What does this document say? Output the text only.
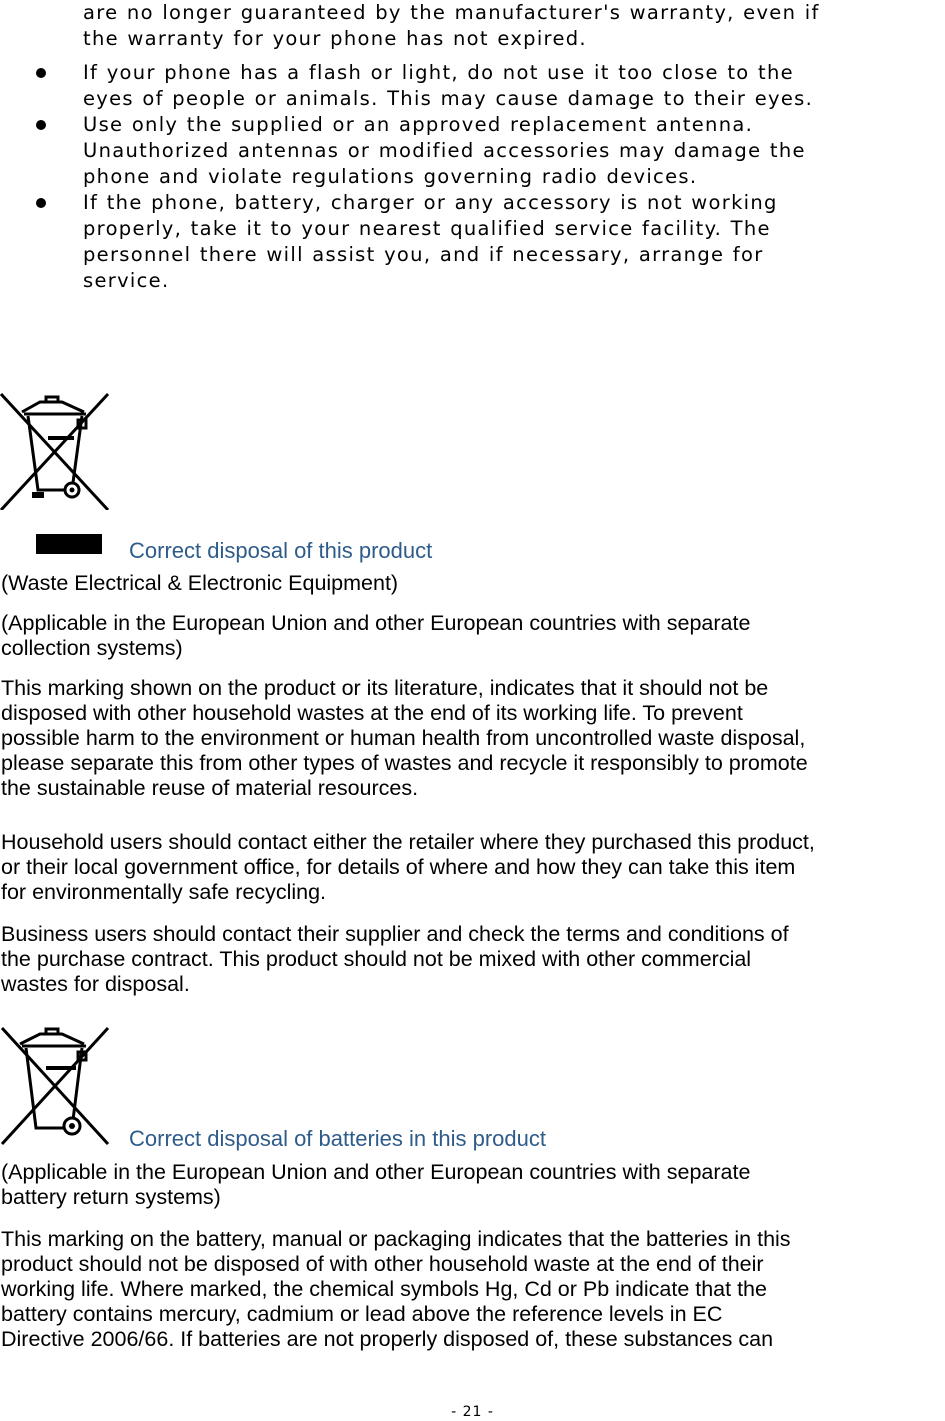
are no longer guaranteed by the manufacturer's warranty, even if
the warranty for your phone has not expired.
If your phone has a flash or light, do not use it too close to the
eyes of people or animals. This may cause damage to their eyes.
Use only the supplied or an approved replacement antenna.
Unauthorized antennas or modified accessories may damage the
phone and violate regulations governing radio devices.
If the phone, battery, charger or any accessory is not working
properly, take it to your nearest qualified service facility. The
personnel there will assist you, and if necessary, arrange for
service.
Correct disposal of this product
(Waste Electrical & Electronic Equipment)
(Applicable in the European Union and other European countries with separate
collection systems)
This marking shown on the product or its literature, indicates that it should not be
disposed with other household wastes at the end of its working life. To prevent
possible harm to the environment or human health from uncontrolled waste disposal,
please separate this from other types of wastes and recycle it responsibly to promote
the sustainable reuse of material resources.
Household users should contact either the retailer where they purchased this product,
or their local government office, for details of where and how they can take this item
for environmentally safe recycling.
Business users should contact their supplier and check the terms and conditions of
the purchase contract. This product should not be mixed with other commercial
wastes for disposal.
Correct disposal of batteries in this product
(Applicable in the European Union and other European countries with separate
battery return systems)
This marking on the battery, manual or packaging indicates that the batteries in this
product should not be disposed of with other household waste at the end of their
working life. Where marked, the chemical symbols Hg, Cd or Pb indicate that the
battery contains mercury, cadmium or lead above the reference levels in EC
Directive 2006/66. If batteries are not properly disposed of, these substances can
- 21 -
